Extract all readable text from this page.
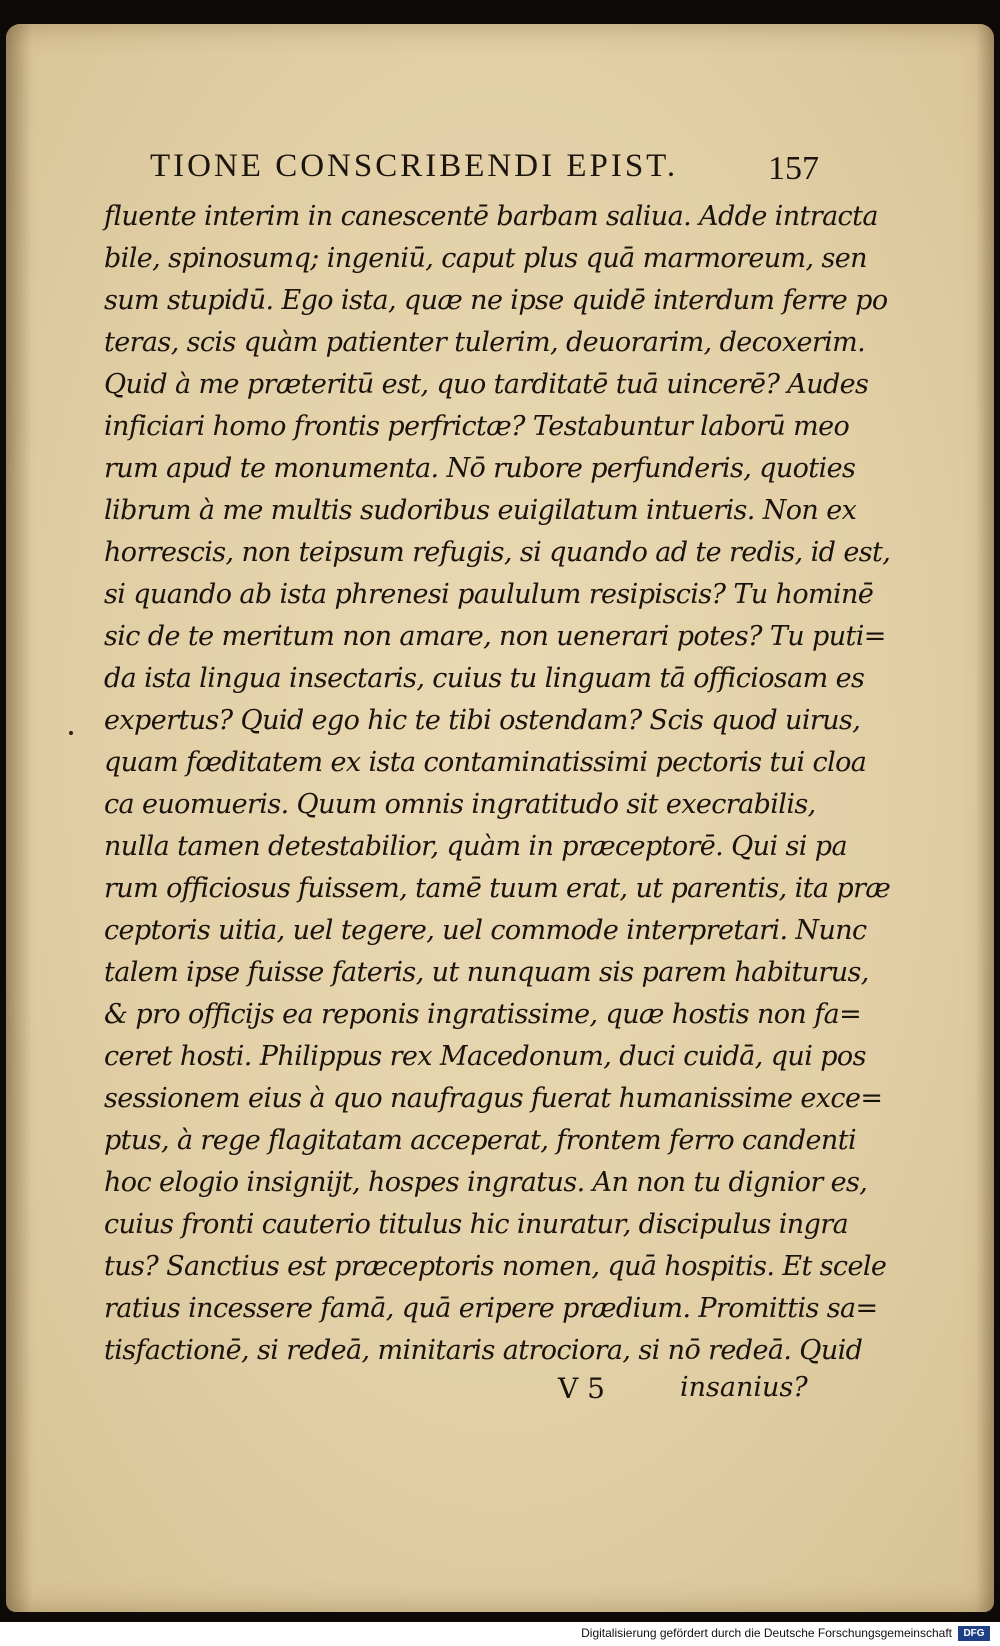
TIONE CONSCRIBENDI EPIST.	157
fluente interim in canescentē barbam saliua. Adde intracta
bile, spinosumq; ingeniū, caput plus quā marmoreum, sen
sum stupidū. Ego ista, quæ ne ipse quidē interdum ferre po
teras, scis quàm patienter tulerim, deuorarim, decoxerim.
Quid à me præteritū est, quo tarditatē tuā uincerē? Audes
inficiari homo frontis perfrictæ? Testabuntur laborū meo
rum apud te monumenta. Nō rubore perfunderis, quoties
librum à me multis sudoribus euigilatum intueris. Non ex
horrescis, non teipsum refugis, si quando ad te redis, id est,
si quando ab ista phrenesi paululum resipiscis? Tu hominē
sic de te meritum non amare, non uenerari potes? Tu puti=
da ista lingua insectaris, cuius tu linguam tā officiosam es
expertus? Quid ego hic te tibi ostendam? Scis quod uirus,
quam fœditatem ex ista contaminatissimi pectoris tui cloa
ca euomueris. Quum omnis ingratitudo sit execrabilis,
nulla tamen detestabilior, quàm in præceptorē. Qui si pa
rum officiosus fuissem, tamē tuum erat, ut parentis, ita præ
ceptoris uitia, uel tegere, uel commode interpretari. Nunc
talem ipse fuisse fateris, ut nunquam sis parem habiturus,
& pro officijs ea reponis ingratissime, quæ hostis non fa=
ceret hosti. Philippus rex Macedonum, duci cuidā, qui pos
sessionem eius à quo naufragus fuerat humanissime exce=
ptus, à rege flagitatam acceperat, frontem ferro candenti
hoc elogio insignijt, hospes ingratus. An non tu dignior es,
cuius fronti cauterio titulus hic inuratur, discipulus ingra
tus? Sanctius est præceptoris nomen, quā hospitis. Et scele
ratius incessere famā, quā eripere prædium. Promittis sa=
tisfactionē, si redeā, minitaris atrociora, si nō redeā. Quid
V 5	insanius?
Digitalisierung gefördert durch die Deutsche Forschungsgemeinschaft	DFG
